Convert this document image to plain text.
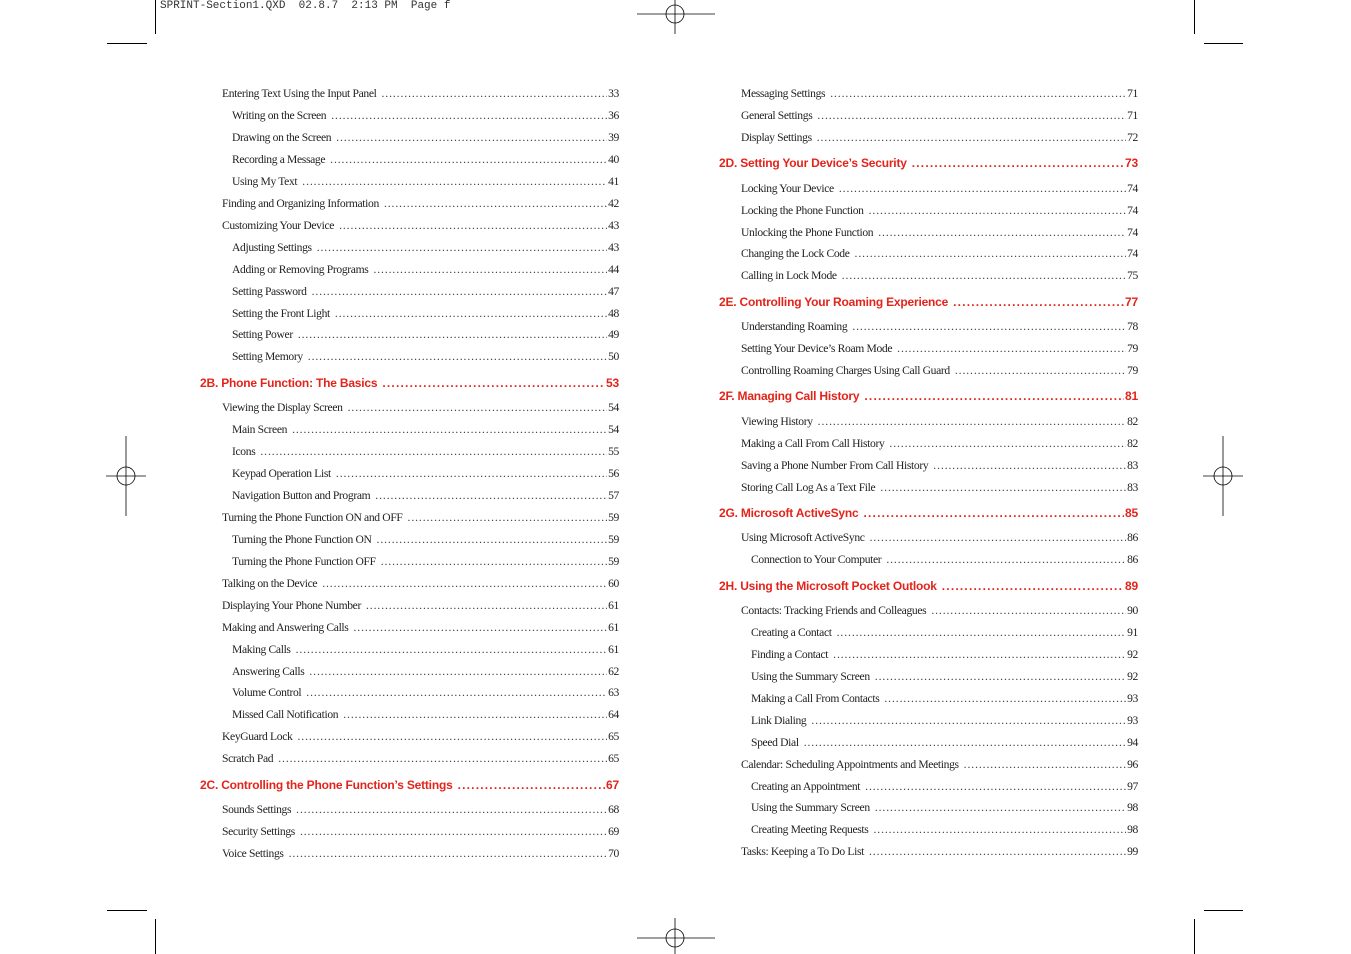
SPRINT-Section1.QXD  02.8.7  2:13 PM  Page f
Entering Text Using the Input Panel .....	33
Writing on the Screen .....	36
Drawing on the Screen .....	39
Recording a Message .....	40
Using My Text .....	41
Finding and Organizing Information .....	42
Customizing Your Device .....	43
Adjusting Settings .....	43
Adding or Removing Programs .....	44
Setting Password .....	47
Setting the Front Light .....	48
Setting Power .....	49
Setting Memory .....	50
2B. Phone Function: The Basics .....	53
Viewing the Display Screen .....	54
Main Screen .....	54
Icons .....	55
Keypad Operation List .....	56
Navigation Button and Program .....	57
Turning the Phone Function ON and OFF .....	59
Turning the Phone Function ON .....	59
Turning the Phone Function OFF .....	59
Talking on the Device .....	60
Displaying Your Phone Number .....	61
Making and Answering Calls .....	61
Making Calls .....	61
Answering Calls .....	62
Volume Control .....	63
Missed Call Notification .....	64
KeyGuard Lock .....	65
Scratch Pad .....	65
2C. Controlling the Phone Function’s Settings .....	67
Sounds Settings .....	68
Security Settings .....	69
Voice Settings .....	70
Messaging Settings .....	71
General Settings .....	71
Display Settings .....	72
2D. Setting Your Device’s Security .....	73
Locking Your Device .....	74
Locking the Phone Function .....	74
Unlocking the Phone Function .....	74
Changing the Lock Code .....	74
Calling in Lock Mode .....	75
2E. Controlling Your Roaming Experience .....	77
Understanding Roaming .....	78
Setting Your Device’s Roam Mode .....	79
Controlling Roaming Charges Using Call Guard .....	79
2F. Managing Call History .....	81
Viewing History .....	82
Making a Call From Call History .....	82
Saving a Phone Number From Call History .....	83
Storing Call Log As a Text File .....	83
2G. Microsoft ActiveSync .....	85
Using Microsoft ActiveSync .....	86
Connection to Your Computer .....	86
2H. Using the Microsoft Pocket Outlook .....	89
Contacts: Tracking Friends and Colleagues .....	90
Creating a Contact .....	91
Finding a Contact .....	92
Using the Summary Screen .....	92
Making a Call From Contacts .....	93
Link Dialing .....	93
Speed Dial .....	94
Calendar: Scheduling Appointments and Meetings .....	96
Creating an Appointment .....	97
Using the Summary Screen .....	98
Creating Meeting Requests .....	98
Tasks: Keeping a To Do List .....	99
